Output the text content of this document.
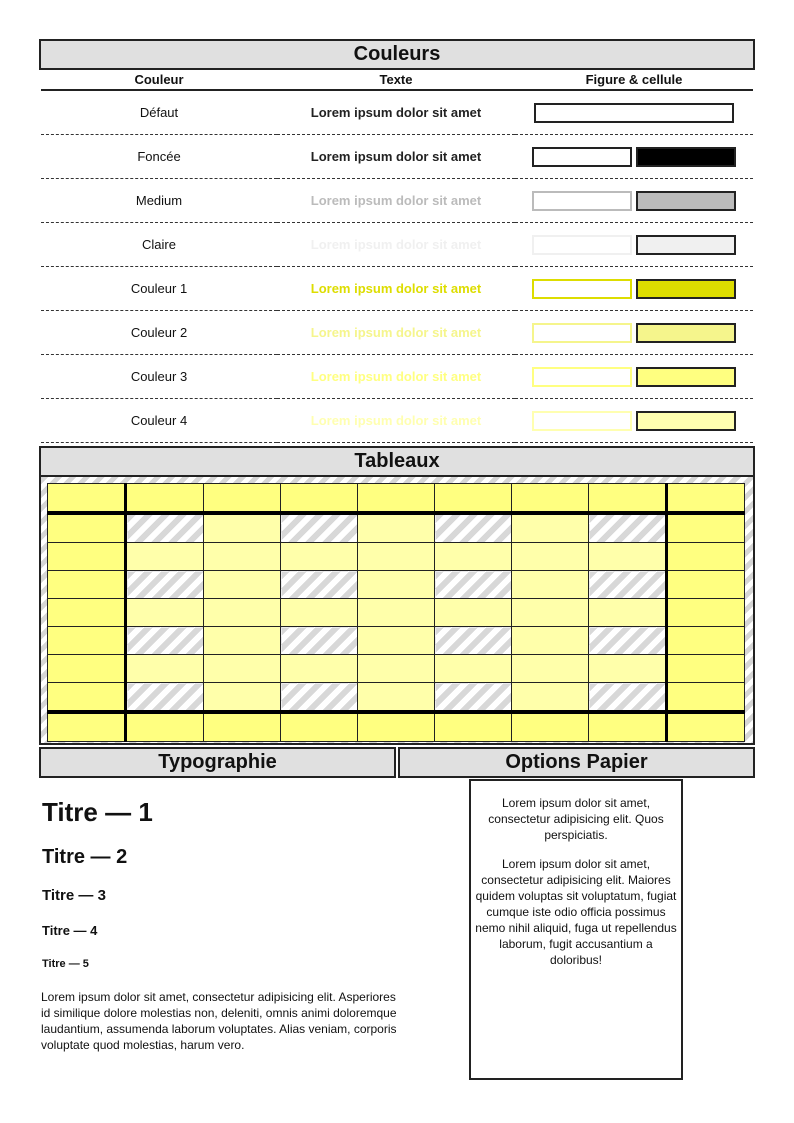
Couleurs
Couleur	Texte	Figure & cellule
Défaut	Lorem ipsum dolor sit amet	

Foncée	Lorem ipsum dolor sit amet	

Medium	Lorem ipsum dolor sit amet	

Claire	Lorem ipsum dolor sit amet	

Couleur 1	Lorem ipsum dolor sit amet	

Couleur 2	Lorem ipsum dolor sit amet	

Couleur 3	Lorem ipsum dolor sit amet	

Couleur 4	Lorem ipsum dolor sit amet	
Tableaux

Typographie
Titre — 1
Titre — 2
Titre — 3
Titre — 4
Titre — 5

Lorem ipsum dolor sit amet, consectetur adipisicing elit. Asperiores id similique dolore molestias non, deleniti, omnis animi doloremque laudantium, assumenda laborum voluptates. Alias veniam, corporis voluptate quod molestias, harum vero.

Options Papier

Lorem ipsum dolor sit amet, consectetur adipisicing elit. Quos perspiciatis.

Lorem ipsum dolor sit amet, consectetur adipisicing elit. Maiores quidem voluptas sit voluptatum, fugiat cumque iste odio officia possimus nemo nihil aliquid, fuga ut repellendus laborum, fugit accusantium a doloribus!
